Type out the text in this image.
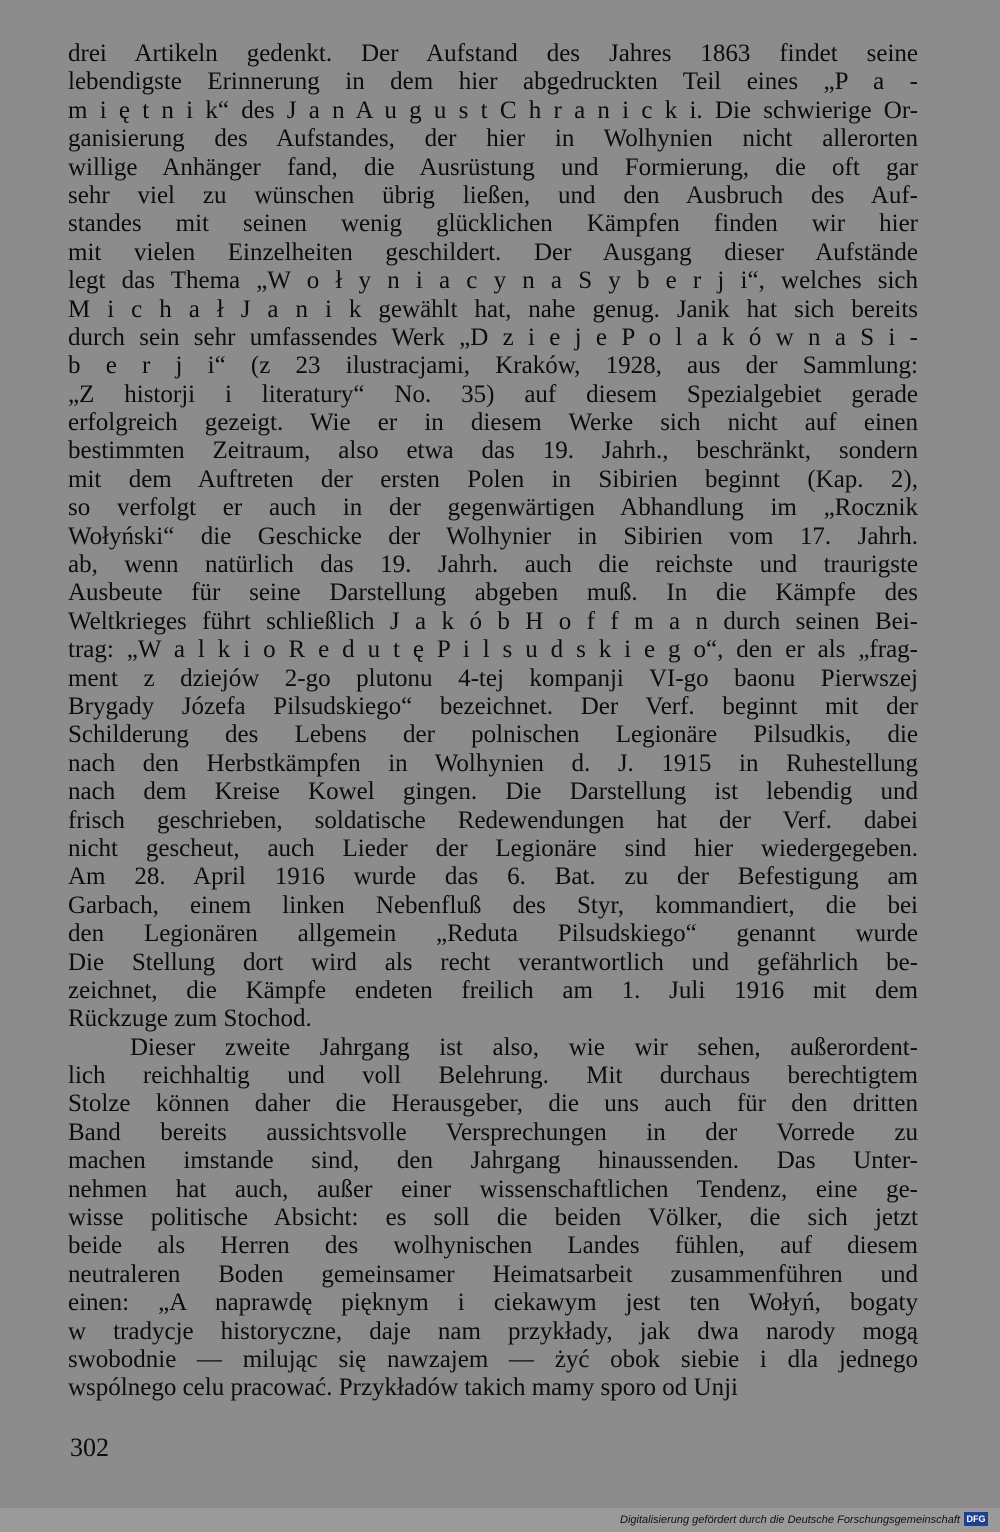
drei Artikeln gedenkt. Der Aufstand des Jahres 1863 findet seine
lebendigste Erinnerung in dem hier abgedruckten Teil eines „P a -
m i ę t n i k“ des J a n A u g u s t C h r a n i c k i. Die schwierige Or-
ganisierung des Aufstandes, der hier in Wolhynien nicht allerorten
willige Anhänger fand, die Ausrüstung und Formierung, die oft gar
sehr viel zu wünschen übrig ließen, und den Ausbruch des Auf-
standes mit seinen wenig glücklichen Kämpfen finden wir hier
mit vielen Einzelheiten geschildert. Der Ausgang dieser Aufstände
legt das Thema „W o ł y n i a c y n a S y b e r j i“, welches sich
M i c h a ł J a n i k gewählt hat, nahe genug. Janik hat sich bereits
durch sein sehr umfassendes Werk „D z i e j e P o l a k ó w n a S i -
b e r j i“ (z 23 ilustracjami, Kraków, 1928, aus der Sammlung:
„Z historji i literatury“ No. 35) auf diesem Spezialgebiet gerade
erfolgreich gezeigt. Wie er in diesem Werke sich nicht auf einen
bestimmten Zeitraum, also etwa das 19. Jahrh., beschränkt, sondern
mit dem Auftreten der ersten Polen in Sibirien beginnt (Kap. 2),
so verfolgt er auch in der gegenwärtigen Abhandlung im „Rocznik
Wołyński“ die Geschicke der Wolhynier in Sibirien vom 17. Jahrh.
ab, wenn natürlich das 19. Jahrh. auch die reichste und traurigste
Ausbeute für seine Darstellung abgeben muß. In die Kämpfe des
Weltkrieges führt schließlich J a k ó b H o f f m a n durch seinen Bei-
trag: „W a l k i o R e d u t ę P i l s u d s k i e g o“, den er als „frag-
ment z dziejów 2-go plutonu 4-tej kompanji VI-go baonu Pierwszej
Brygady Józefa Pilsudskiego“ bezeichnet. Der Verf. beginnt mit der
Schilderung des Lebens der polnischen Legionäre Pilsudkis, die
nach den Herbstkämpfen in Wolhynien d. J. 1915 in Ruhestellung
nach dem Kreise Kowel gingen. Die Darstellung ist lebendig und
frisch geschrieben, soldatische Redewendungen hat der Verf. dabei
nicht gescheut, auch Lieder der Legionäre sind hier wiedergegeben.
Am 28. April 1916 wurde das 6. Bat. zu der Befestigung am
Garbach, einem linken Nebenfluß des Styr, kommandiert, die bei
den Legionären allgemein „Reduta Pilsudskiego“ genannt wurde
Die Stellung dort wird als recht verantwortlich und gefährlich be-
zeichnet, die Kämpfe endeten freilich am 1. Juli 1916 mit dem
Rückzuge zum Stochod.
Dieser zweite Jahrgang ist also, wie wir sehen, außerordent-
lich reichhaltig und voll Belehrung. Mit durchaus berechtigtem
Stolze können daher die Herausgeber, die uns auch für den dritten
Band bereits aussichtsvolle Versprechungen in der Vorrede zu
machen imstande sind, den Jahrgang hinaussenden. Das Unter-
nehmen hat auch, außer einer wissenschaftlichen Tendenz, eine ge-
wisse politische Absicht: es soll die beiden Völker, die sich jetzt
beide als Herren des wolhynischen Landes fühlen, auf diesem
neutraleren Boden gemeinsamer Heimatsarbeit zusammenführen und
einen: „A naprawdę pięknym i ciekawym jest ten Wołyń, bogaty
w tradycje historyczne, daje nam przykłady, jak dwa narody mogą
swobodnie — milując się nawzajem — żyć obok siebie i dla jednego
wspólnego celu pracować. Przykładów takich mamy sporo od Unji
302
Digitalisierung gefördert durch die Deutsche Forschungsgemeinschaft DFG
